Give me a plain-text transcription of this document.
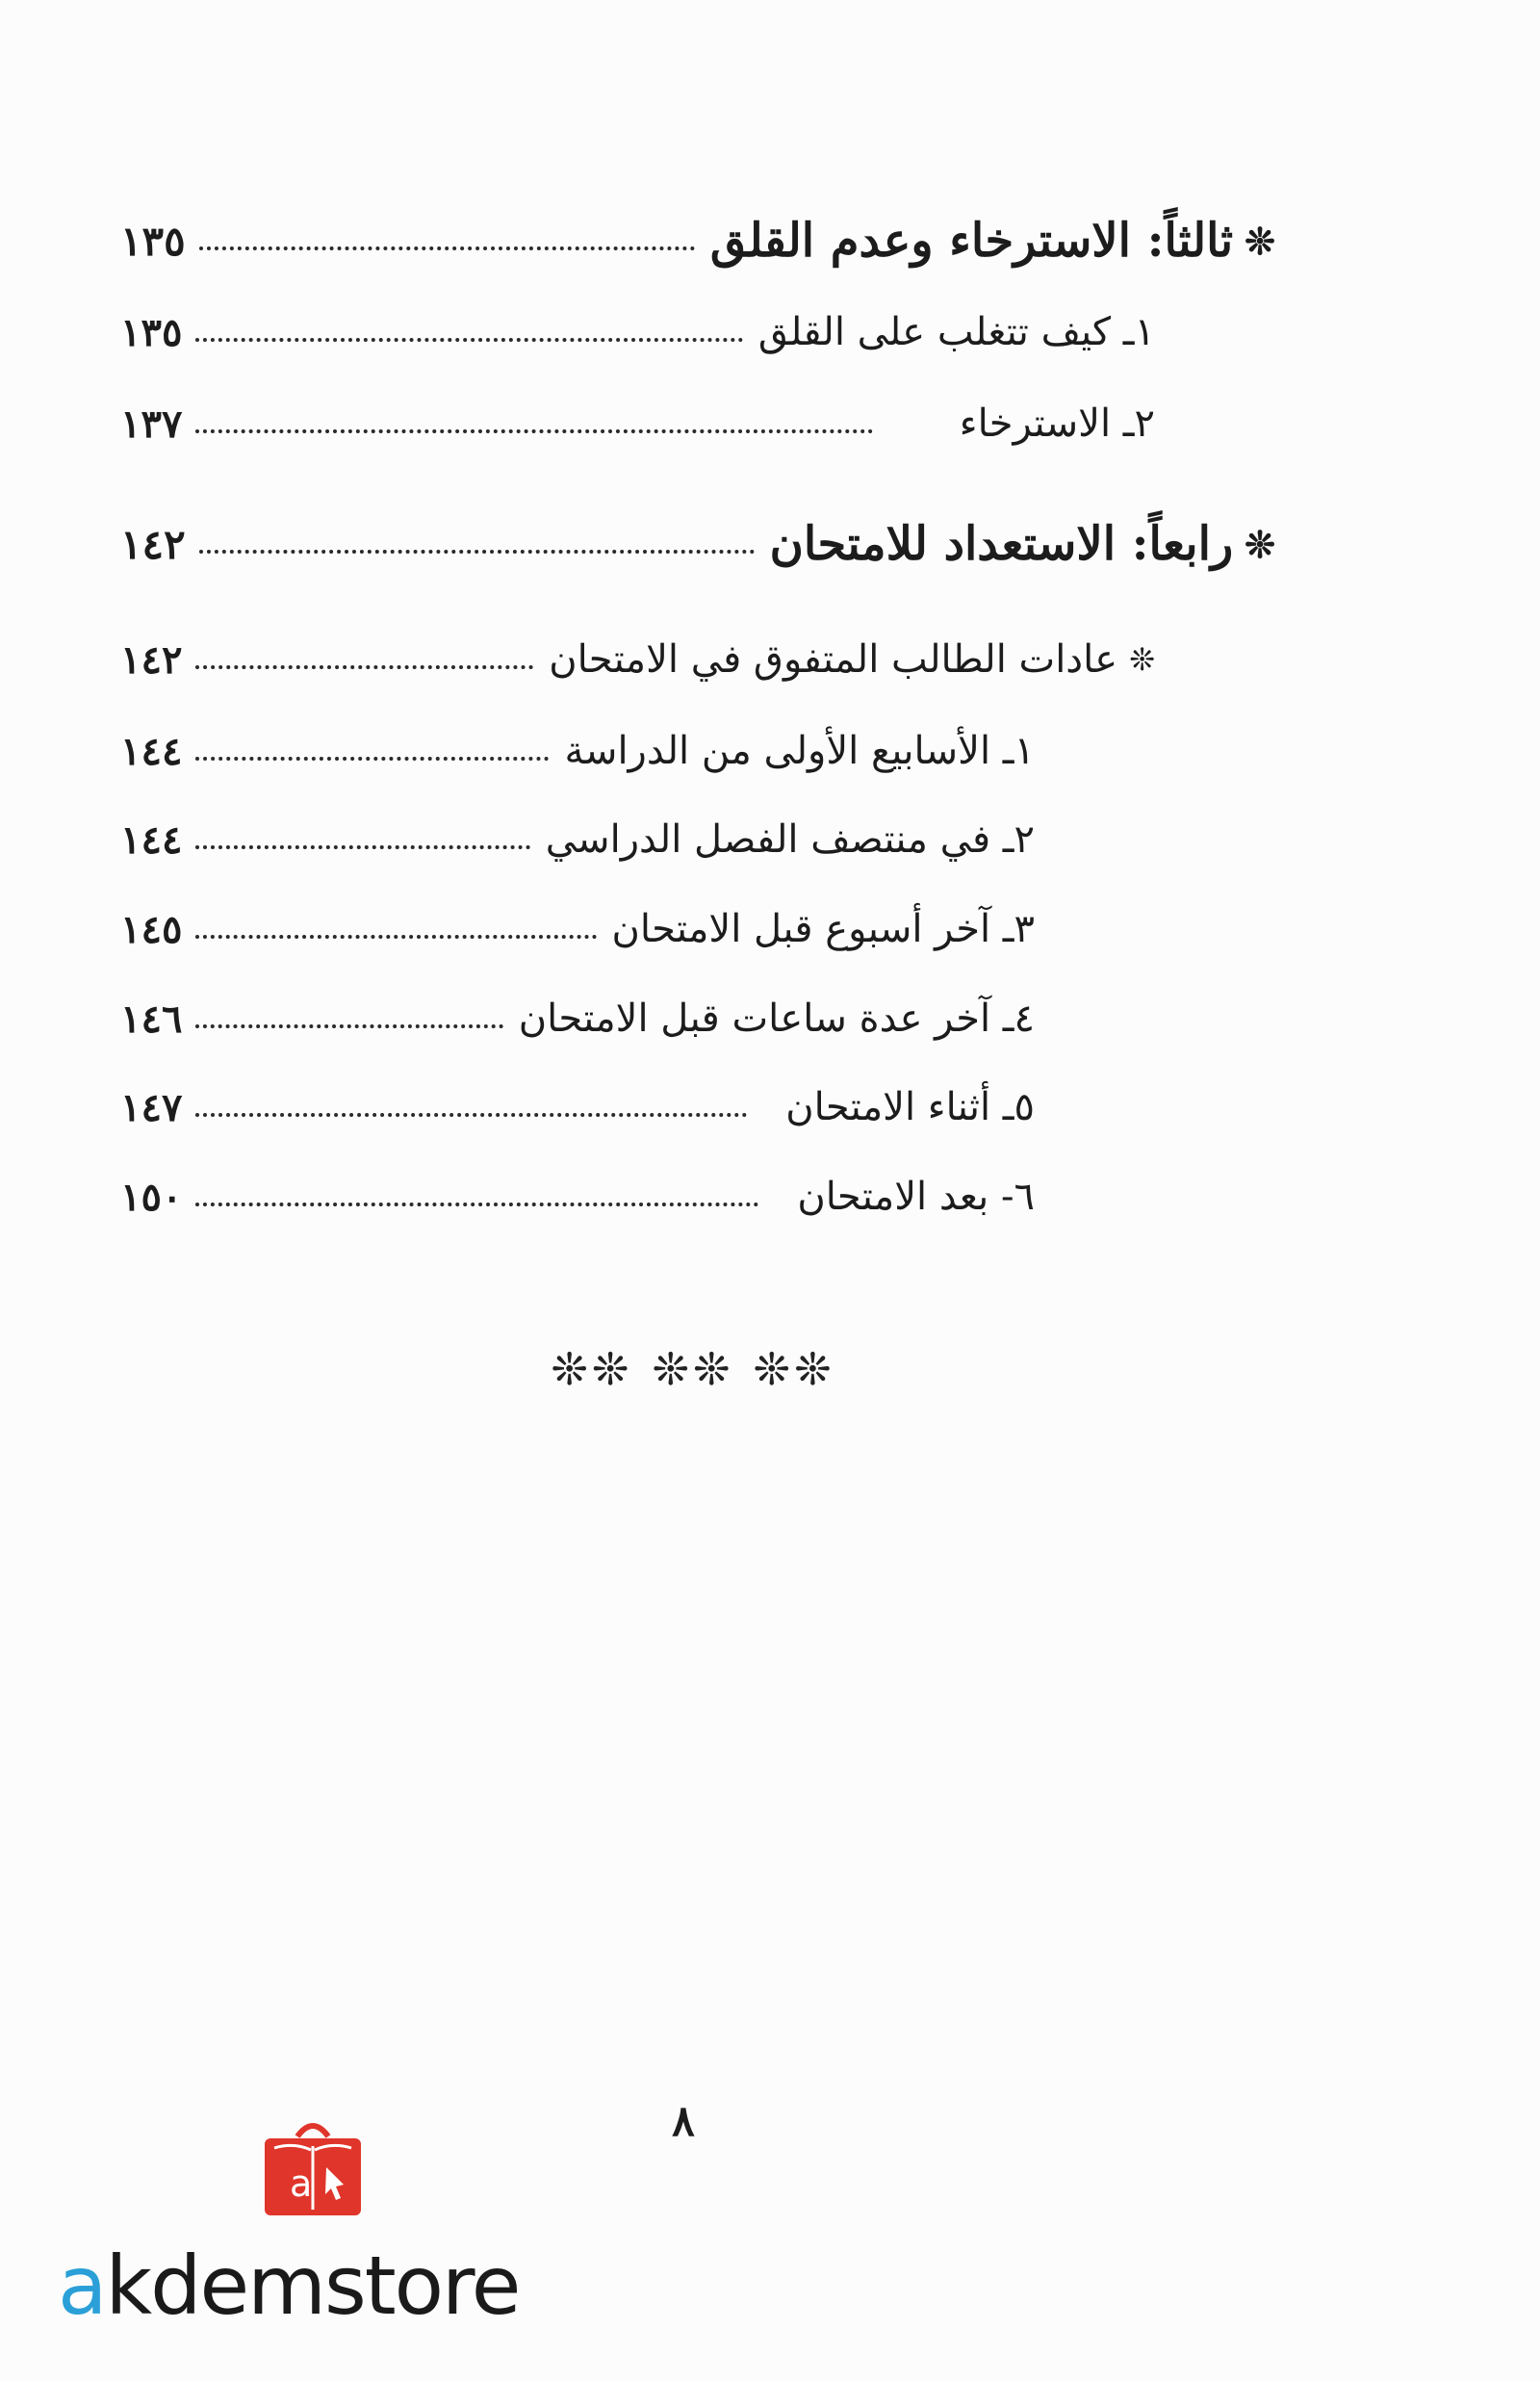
❊ثالثاً: الاسترخاء وعدم القلق
١٣٥
١ـ كيف تتغلب على القلق
١٣٥
٢ـ الاسترخاء
١٣٧
❊رابعاً: الاستعداد للامتحان
١٤٢
❊عادات الطالب المتفوق في الامتحان
١٤٢
١ـ الأسابيع الأولى من الدراسة
١٤٤
٢ـ في منتصف الفصل الدراسي
١٤٤
٣ـ آخر أسبوع قبل الامتحان
١٤٥
٤ـ آخر عدة ساعات قبل الامتحان
١٤٦
٥ـ أثناء الامتحان
١٤٧
٦- بعد الامتحان
١٥٠
❊❊ ❊❊ ❊❊
٨
a
akdemstore
